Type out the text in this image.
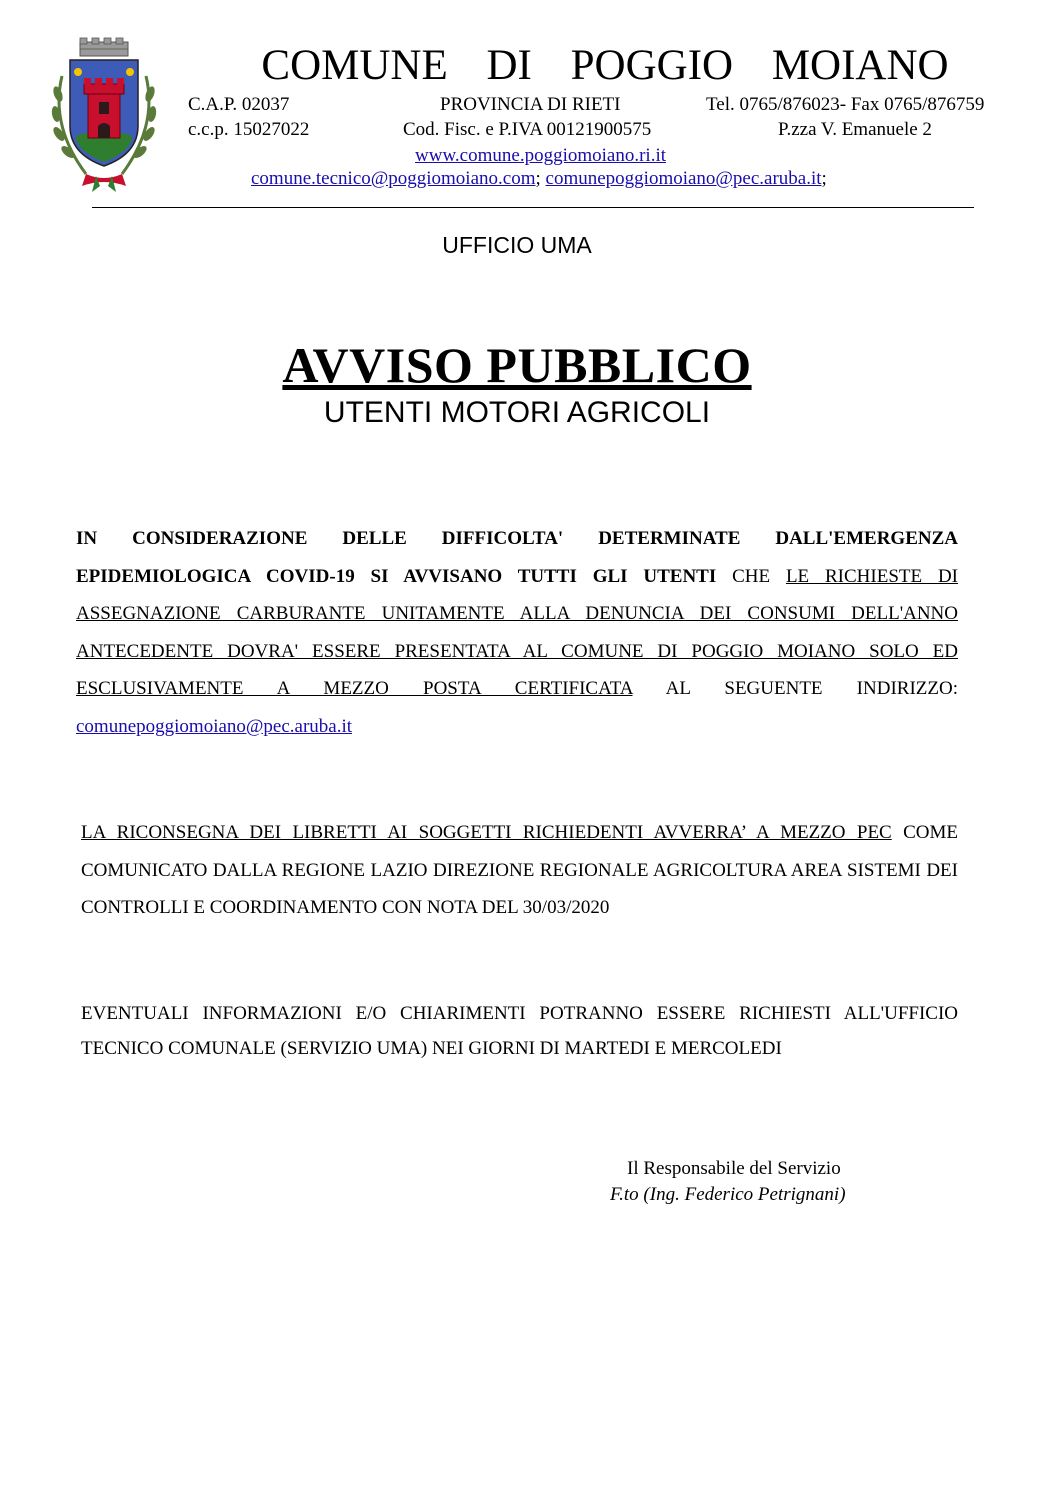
COMUNE DI POGGIO MOIANO
C.A.P. 02037	PROVINCIA DI RIETI	Tel. 0765/876023- Fax 0765/876759
c.c.p. 15027022	Cod. Fisc. e P.IVA 00121900575	P.zza V. Emanuele 2
www.comune.poggiomoiano.ri.it
comune.tecnico@poggiomoiano.com; comunepoggiomoiano@pec.aruba.it;
UFFICIO UMA
AVVISO PUBBLICO
UTENTI MOTORI AGRICOLI
IN CONSIDERAZIONE DELLE DIFFICOLTA' DETERMINATE DALL'EMERGENZA EPIDEMIOLOGICA COVID-19 SI AVVISANO TUTTI GLI UTENTI CHE LE RICHIESTE DI ASSEGNAZIONE CARBURANTE UNITAMENTE ALLA DENUNCIA DEI CONSUMI DELL'ANNO ANTECEDENTE DOVRA' ESSERE PRESENTATA AL COMUNE DI POGGIO MOIANO SOLO ED ESCLUSIVAMENTE A MEZZO POSTA CERTIFICATA AL SEGUENTE INDIRIZZO: comunepoggiomoiano@pec.aruba.it
LA RICONSEGNA DEI LIBRETTI AI SOGGETTI RICHIEDENTI AVVERRA’ A MEZZO PEC COME COMUNICATO DALLA REGIONE LAZIO DIREZIONE REGIONALE AGRICOLTURA AREA SISTEMI DEI CONTROLLI E COORDINAMENTO CON NOTA DEL 30/03/2020
EVENTUALI INFORMAZIONI E/O CHIARIMENTI POTRANNO ESSERE RICHIESTI ALL'UFFICIO TECNICO COMUNALE (SERVIZIO UMA) NEI GIORNI DI MARTEDI E MERCOLEDI
Il Responsabile del Servizio
F.to (Ing. Federico Petrignani)
